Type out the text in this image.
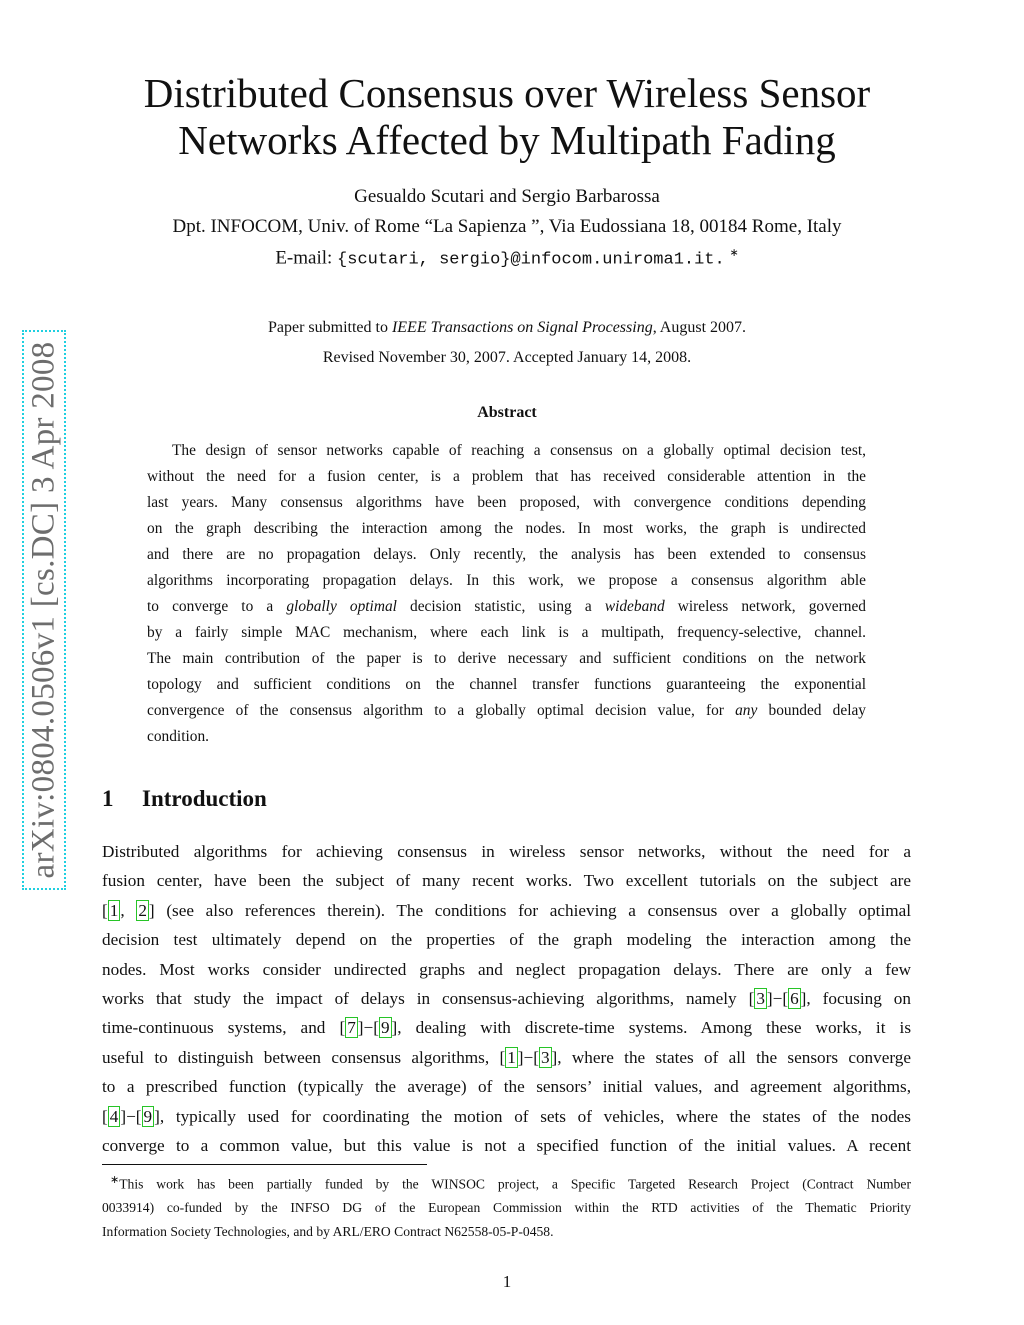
arXiv:0804.0506v1 [cs.DC] 3 Apr 2008
Distributed Consensus over Wireless Sensor
Networks Affected by Multipath Fading
Gesualdo Scutari and Sergio Barbarossa
Dpt. INFOCOM, Univ. of Rome “La Sapienza ”, Via Eudossiana 18, 00184 Rome, Italy
E-mail: {scutari, sergio}@infocom.uniroma1.it. ∗
Paper submitted to IEEE Transactions on Signal Processing, August 2007.
Revised November 30, 2007. Accepted January 14, 2008.
Abstract
The design of sensor networks capable of reaching a consensus on a globally optimal decision test,
without the need for a fusion center, is a problem that has received considerable attention in the
last years. Many consensus algorithms have been proposed, with convergence conditions depending
on the graph describing the interaction among the nodes. In most works, the graph is undirected
and there are no propagation delays. Only recently, the analysis has been extended to consensus
algorithms incorporating propagation delays. In this work, we propose a consensus algorithm able
to converge to a globally optimal decision statistic, using a wideband wireless network, governed
by a fairly simple MAC mechanism, where each link is a multipath, frequency-selective, channel.
The main contribution of the paper is to derive necessary and sufficient conditions on the network
topology and sufficient conditions on the channel transfer functions guaranteeing the exponential
convergence of the consensus algorithm to a globally optimal decision value, for any bounded delay
condition.
1 Introduction
Distributed algorithms for achieving consensus in wireless sensor networks, without the need for a
fusion center, have been the subject of many recent works. Two excellent tutorials on the subject are
[ 1 , 2 ] (see also references therein). The conditions for achieving a consensus over a globally optimal
decision test ultimately depend on the properties of the graph modeling the interaction among the
nodes. Most works consider undirected graphs and neglect propagation delays. There are only a few
works that study the impact of delays in consensus-achieving algorithms, namely [ 3 ]−[ 6 ], focusing on
time-continuous systems, and [ 7 ]−[ 9 ], dealing with discrete-time systems. Among these works, it is
useful to distinguish between consensus algorithms, [ 1 ]−[ 3 ], where the states of all the sensors converge
to a prescribed function (typically the average) of the sensors’ initial values, and agreement algorithms,
[ 4 ]−[ 9 ], typically used for coordinating the motion of sets of vehicles, where the states of the nodes
converge to a common value, but this value is not a specified function of the initial values. A recent
∗This work has been partially funded by the WINSOC project, a Specific Targeted Research Project (Contract Number
0033914) co-funded by the INFSO DG of the European Commission within the RTD activities of the Thematic Priority
Information Society Technologies, and by ARL/ERO Contract N62558-05-P-0458.
1
